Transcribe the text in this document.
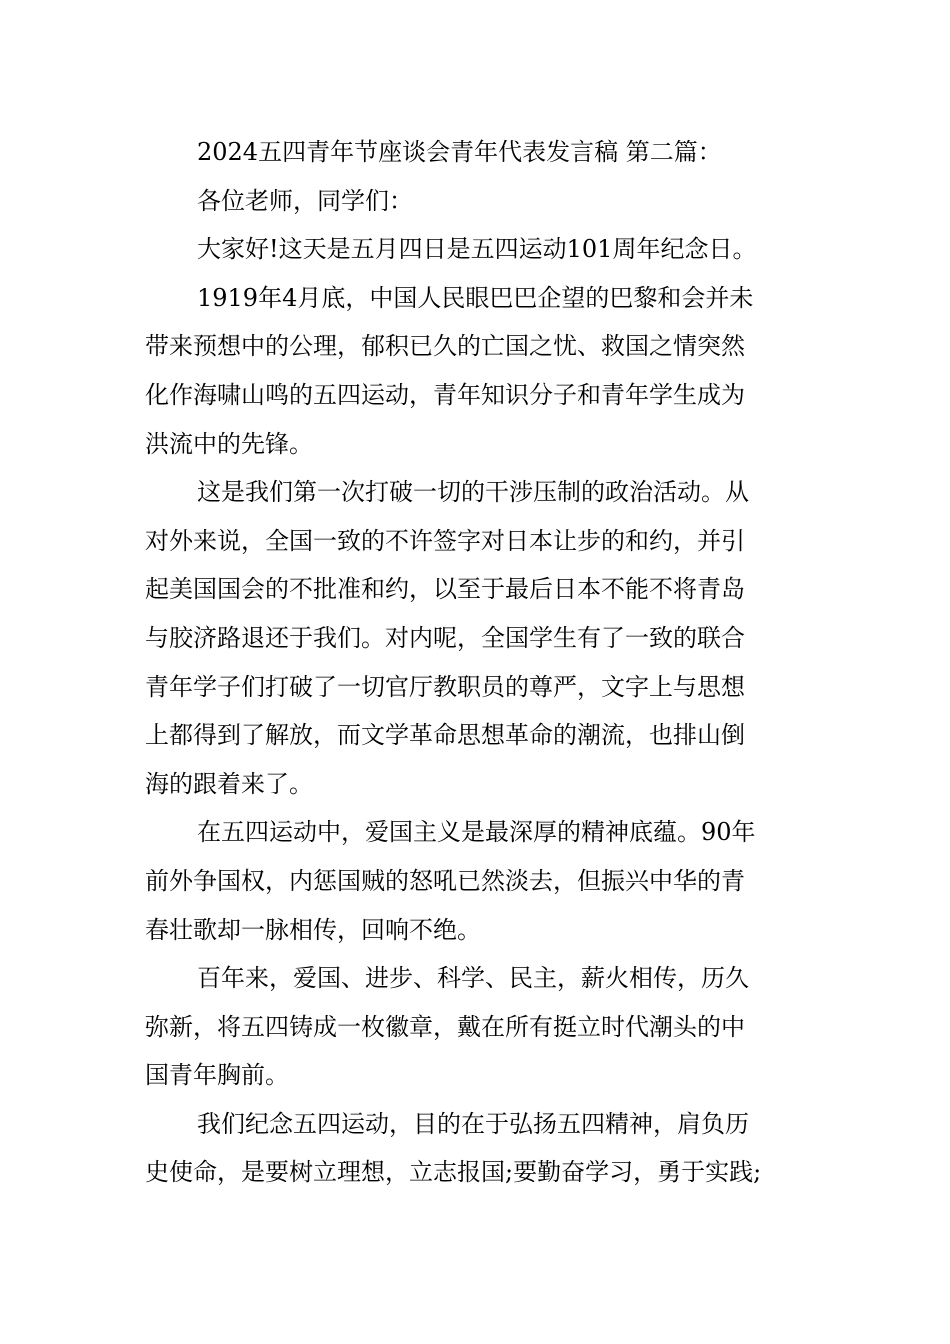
2024五四青年节座谈会青年代表发言稿 第二篇：

各位老师，同学们：

大家好!这天是五月四日是五四运动101周年纪念日。

1919年4月底，中国人民眼巴巴企望的巴黎和会并未

带来预想中的公理，郁积已久的亡国之忧、救国之情突然

化作海啸山鸣的五四运动，青年知识分子和青年学生成为

洪流中的先锋。

这是我们第一次打破一切的干涉压制的政治活动。从

对外来说，全国一致的不许签字对日本让步的和约，并引

起美国国会的不批准和约，以至于最后日本不能不将青岛

与胶济路退还于我们。对内呢，全国学生有了一致的联合

青年学子们打破了一切官厅教职员的尊严，文字上与思想

上都得到了解放，而文学革命思想革命的潮流，也排山倒

海的跟着来了。

在五四运动中，爱国主义是最深厚的精神底蕴。90年

前外争国权，内惩国贼的怒吼已然淡去，但振兴中华的青

春壮歌却一脉相传，回响不绝。

百年来，爱国、进步、科学、民主，薪火相传，历久

弥新，将五四铸成一枚徽章，戴在所有挺立时代潮头的中

国青年胸前。

我们纪念五四运动，目的在于弘扬五四精神，肩负历

史使命，是要树立理想，立志报国;要勤奋学习，勇于实践;
